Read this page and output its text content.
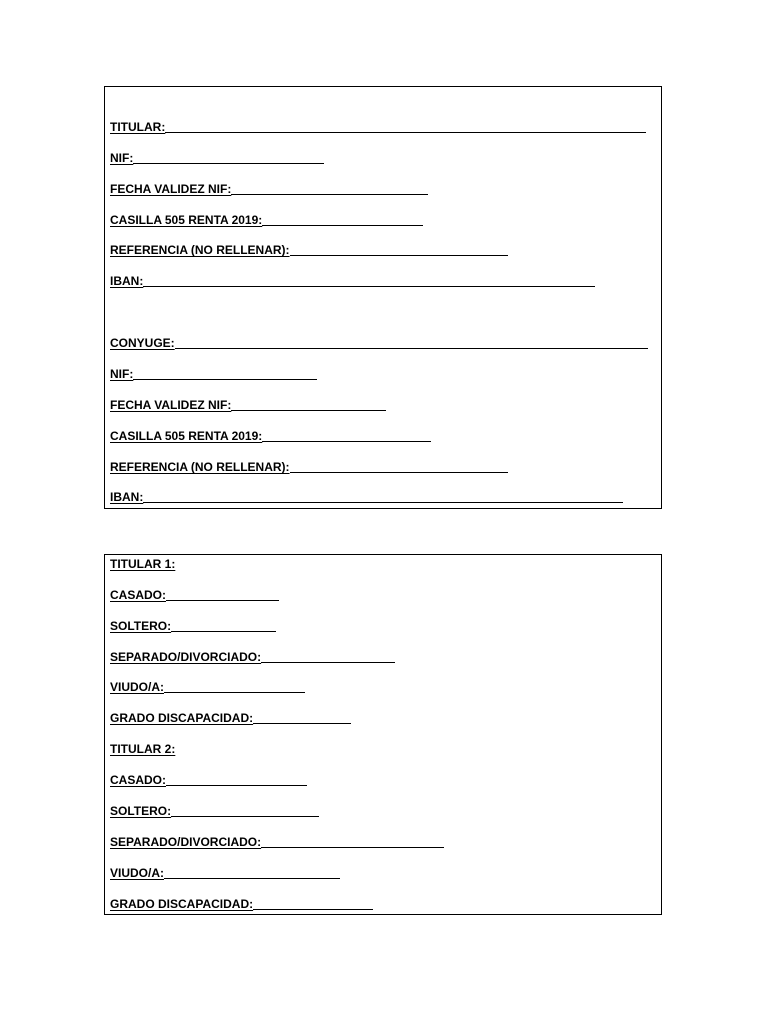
TITULAR:
NIF:
FECHA VALIDEZ NIF:
CASILLA 505 RENTA 2019:
REFERENCIA (NO RELLENAR):
IBAN:
CONYUGE:
NIF:
FECHA VALIDEZ NIF:
CASILLA 505 RENTA 2019:
REFERENCIA (NO RELLENAR):
IBAN:
TITULAR 1:
CASADO:
SOLTERO:
SEPARADO/DIVORCIADO:
VIUDO/A:
GRADO DISCAPACIDAD:
TITULAR 2:
CASADO:
SOLTERO:
SEPARADO/DIVORCIADO:
VIUDO/A:
GRADO DISCAPACIDAD:
